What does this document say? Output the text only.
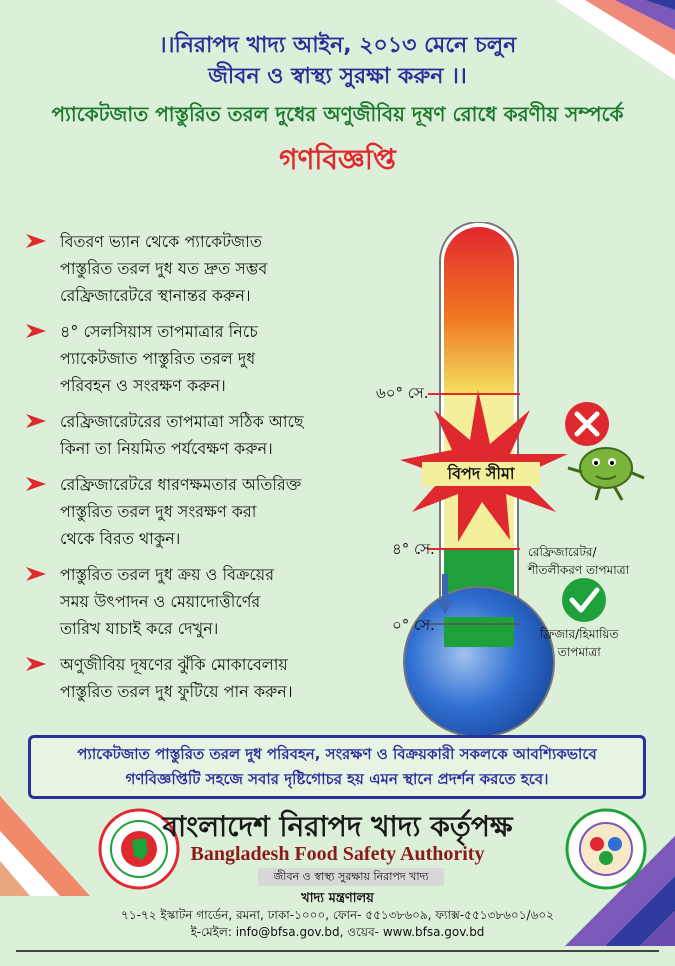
।।নিরাপদ খাদ্য আইন, ২০১৩ মেনে চলুন
জীবন ও স্বাস্থ্য সুরক্ষা করুন ।।
প্যাকেটজাত পাস্তুরিত তরল দুধের অণুজীবিয় দূষণ রোধে করণীয় সম্পর্কে
গণবিজ্ঞপ্তি
বিতরণ ভ্যান থেকে প্যাকেটজাত
পাস্তুরিত তরল দুধ যত দ্রুত সম্ভব
রেফ্রিজারেটরে স্থানান্তর করুন।
৪° সেলসিয়াস তাপমাত্রার নিচে
প্যাকেটজাত পাস্তুরিত তরল দুধ
পরিবহন ও সংরক্ষণ করুন।
রেফ্রিজারেটরের তাপমাত্রা সঠিক আছে
কিনা তা নিয়মিত পর্যবেক্ষণ করুন।
রেফ্রিজারেটরে ধারণক্ষমতার অতিরিক্ত
পাস্তুরিত তরল দুধ সংরক্ষণ করা
থেকে বিরত থাকুন।
পাস্তুরিত তরল দুধ ক্রয় ও বিক্রয়ের
সময় উৎপাদন ও মেয়াদোত্তীর্ণের
তারিখ যাচাই করে দেখুন।
অণুজীবিয় দূষণের ঝুঁকি মোকাবেলায়
পাস্তুরিত তরল দুধ ফুটিয়ে পান করুন।
৬০° সে.
৪° সে.
০° সে.
বিপদ সীমা
রেফ্রিজারেটর/
শীতলীকরণ তাপমাত্রা
ফ্রিজার/হিমায়িত
তাপমাত্রা
প্যাকেটজাত পাস্তুরিত তরল দুধ পরিবহন, সংরক্ষণ ও বিক্রয়কারী সকলকে আবশ্যিকভাবে
গণবিজ্ঞপ্তিটি সহজে সবার দৃষ্টিগোচর হয় এমন স্থানে প্রদর্শন করতে হবে।
বাংলাদেশ নিরাপদ খাদ্য কর্তৃপক্ষ
Bangladesh Food Safety Authority
জীবন ও স্বাস্থ্য সুরক্ষায় নিরাপদ খাদ্য
খাদ্য মন্ত্রণালয়
৭১-৭২ ইস্কাটন গার্ডেন, রমনা, ঢাকা-১০০০, ফোন- ৫৫১৩৮৬০৯, ফ্যাক্স-৫৫১৩৮৬০১/৬০২
ই-মেইল: info@bfsa.gov.bd, ওয়েব- www.bfsa.gov.bd
